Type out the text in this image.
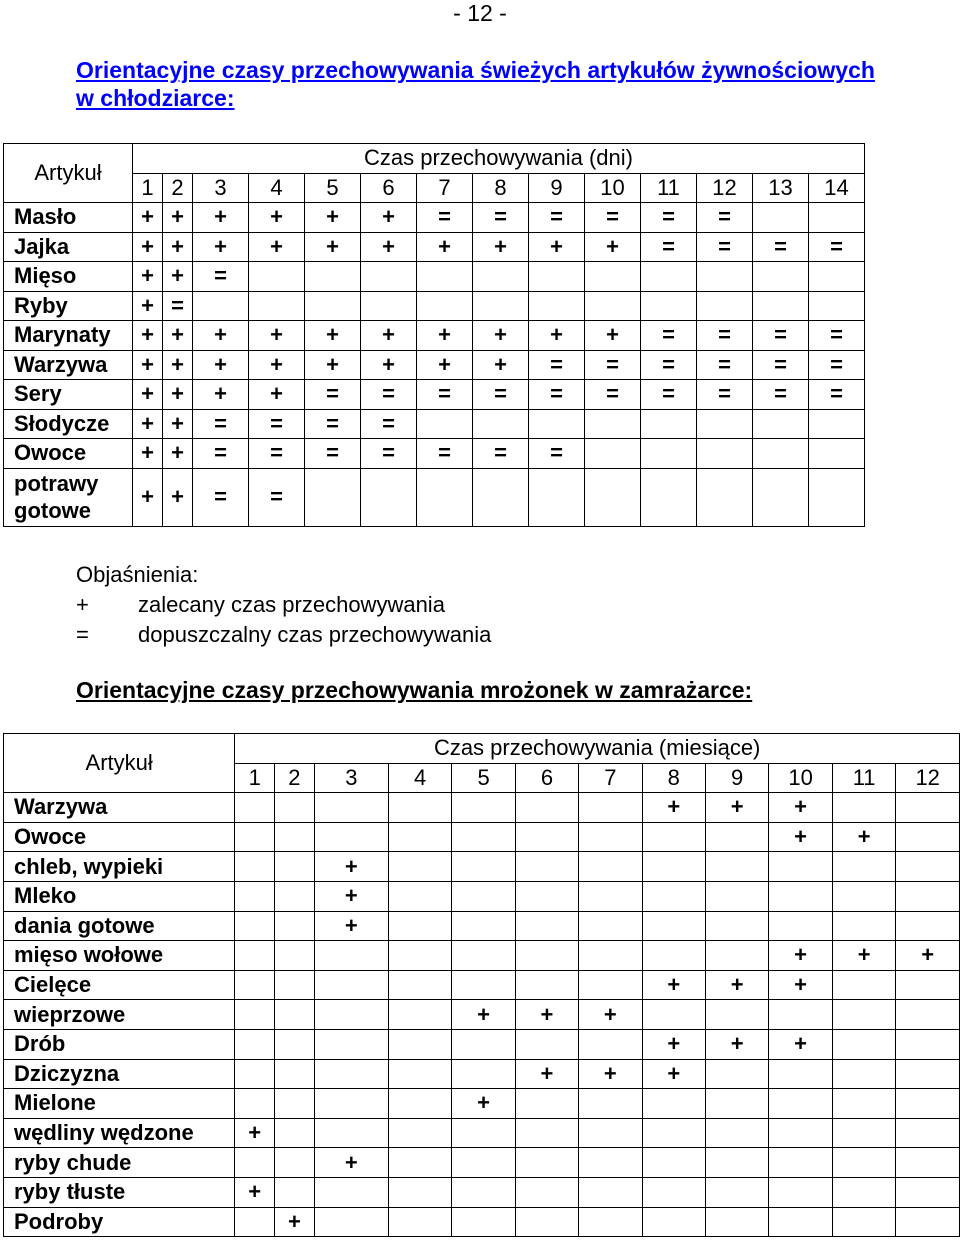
- 12 -

Orientacyjne czasy przechowywania świeżych artykułów żywnościowych
w chłodziarce:

Artykuł	Czas przechowywania (dni)													
	1	2	3	4	5	6	7	8	9	10	11	12	13	14
Masło	+	+	+	+	+	+	=	=	=	=	=	=		
Jajka	+	+	+	+	+	+	+	+	+	+	=	=	=	=
Mięso	+	+	=											
Ryby	+	=												
Marynaty	+	+	+	+	+	+	+	+	+	+	=	=	=	=
Warzywa	+	+	+	+	+	+	+	+	=	=	=	=	=	=
Sery	+	+	+	+	=	=	=	=	=	=	=	=	=	=
Słodycze	+	+	=	=	=	=								
Owoce	+	+	=	=	=	=	=	=	=					
potrawy gotowe	+	+	=	=										
Objaśnienia:
+	zalecany czas przechowywania
=	dopuszczalny czas przechowywania

Orientacyjne czasy przechowywania mrożonek w zamrażarce:

Artykuł	Czas przechowywania (miesiące)											
	1	2	3	4	5	6	7	8	9	10	11	12
Warzywa								+	+	+		
Owoce										+	+	
chleb, wypieki			+									
Mleko			+									
dania gotowe			+									
mięso wołowe										+	+	+
Cielęce								+	+	+		
wieprzowe					+	+	+					
Drób								+	+	+		
Dziczyzna						+	+	+				
Mielone					+							
wędliny wędzone	+											
ryby chude			+									
ryby tłuste	+											
Podroby		+										
